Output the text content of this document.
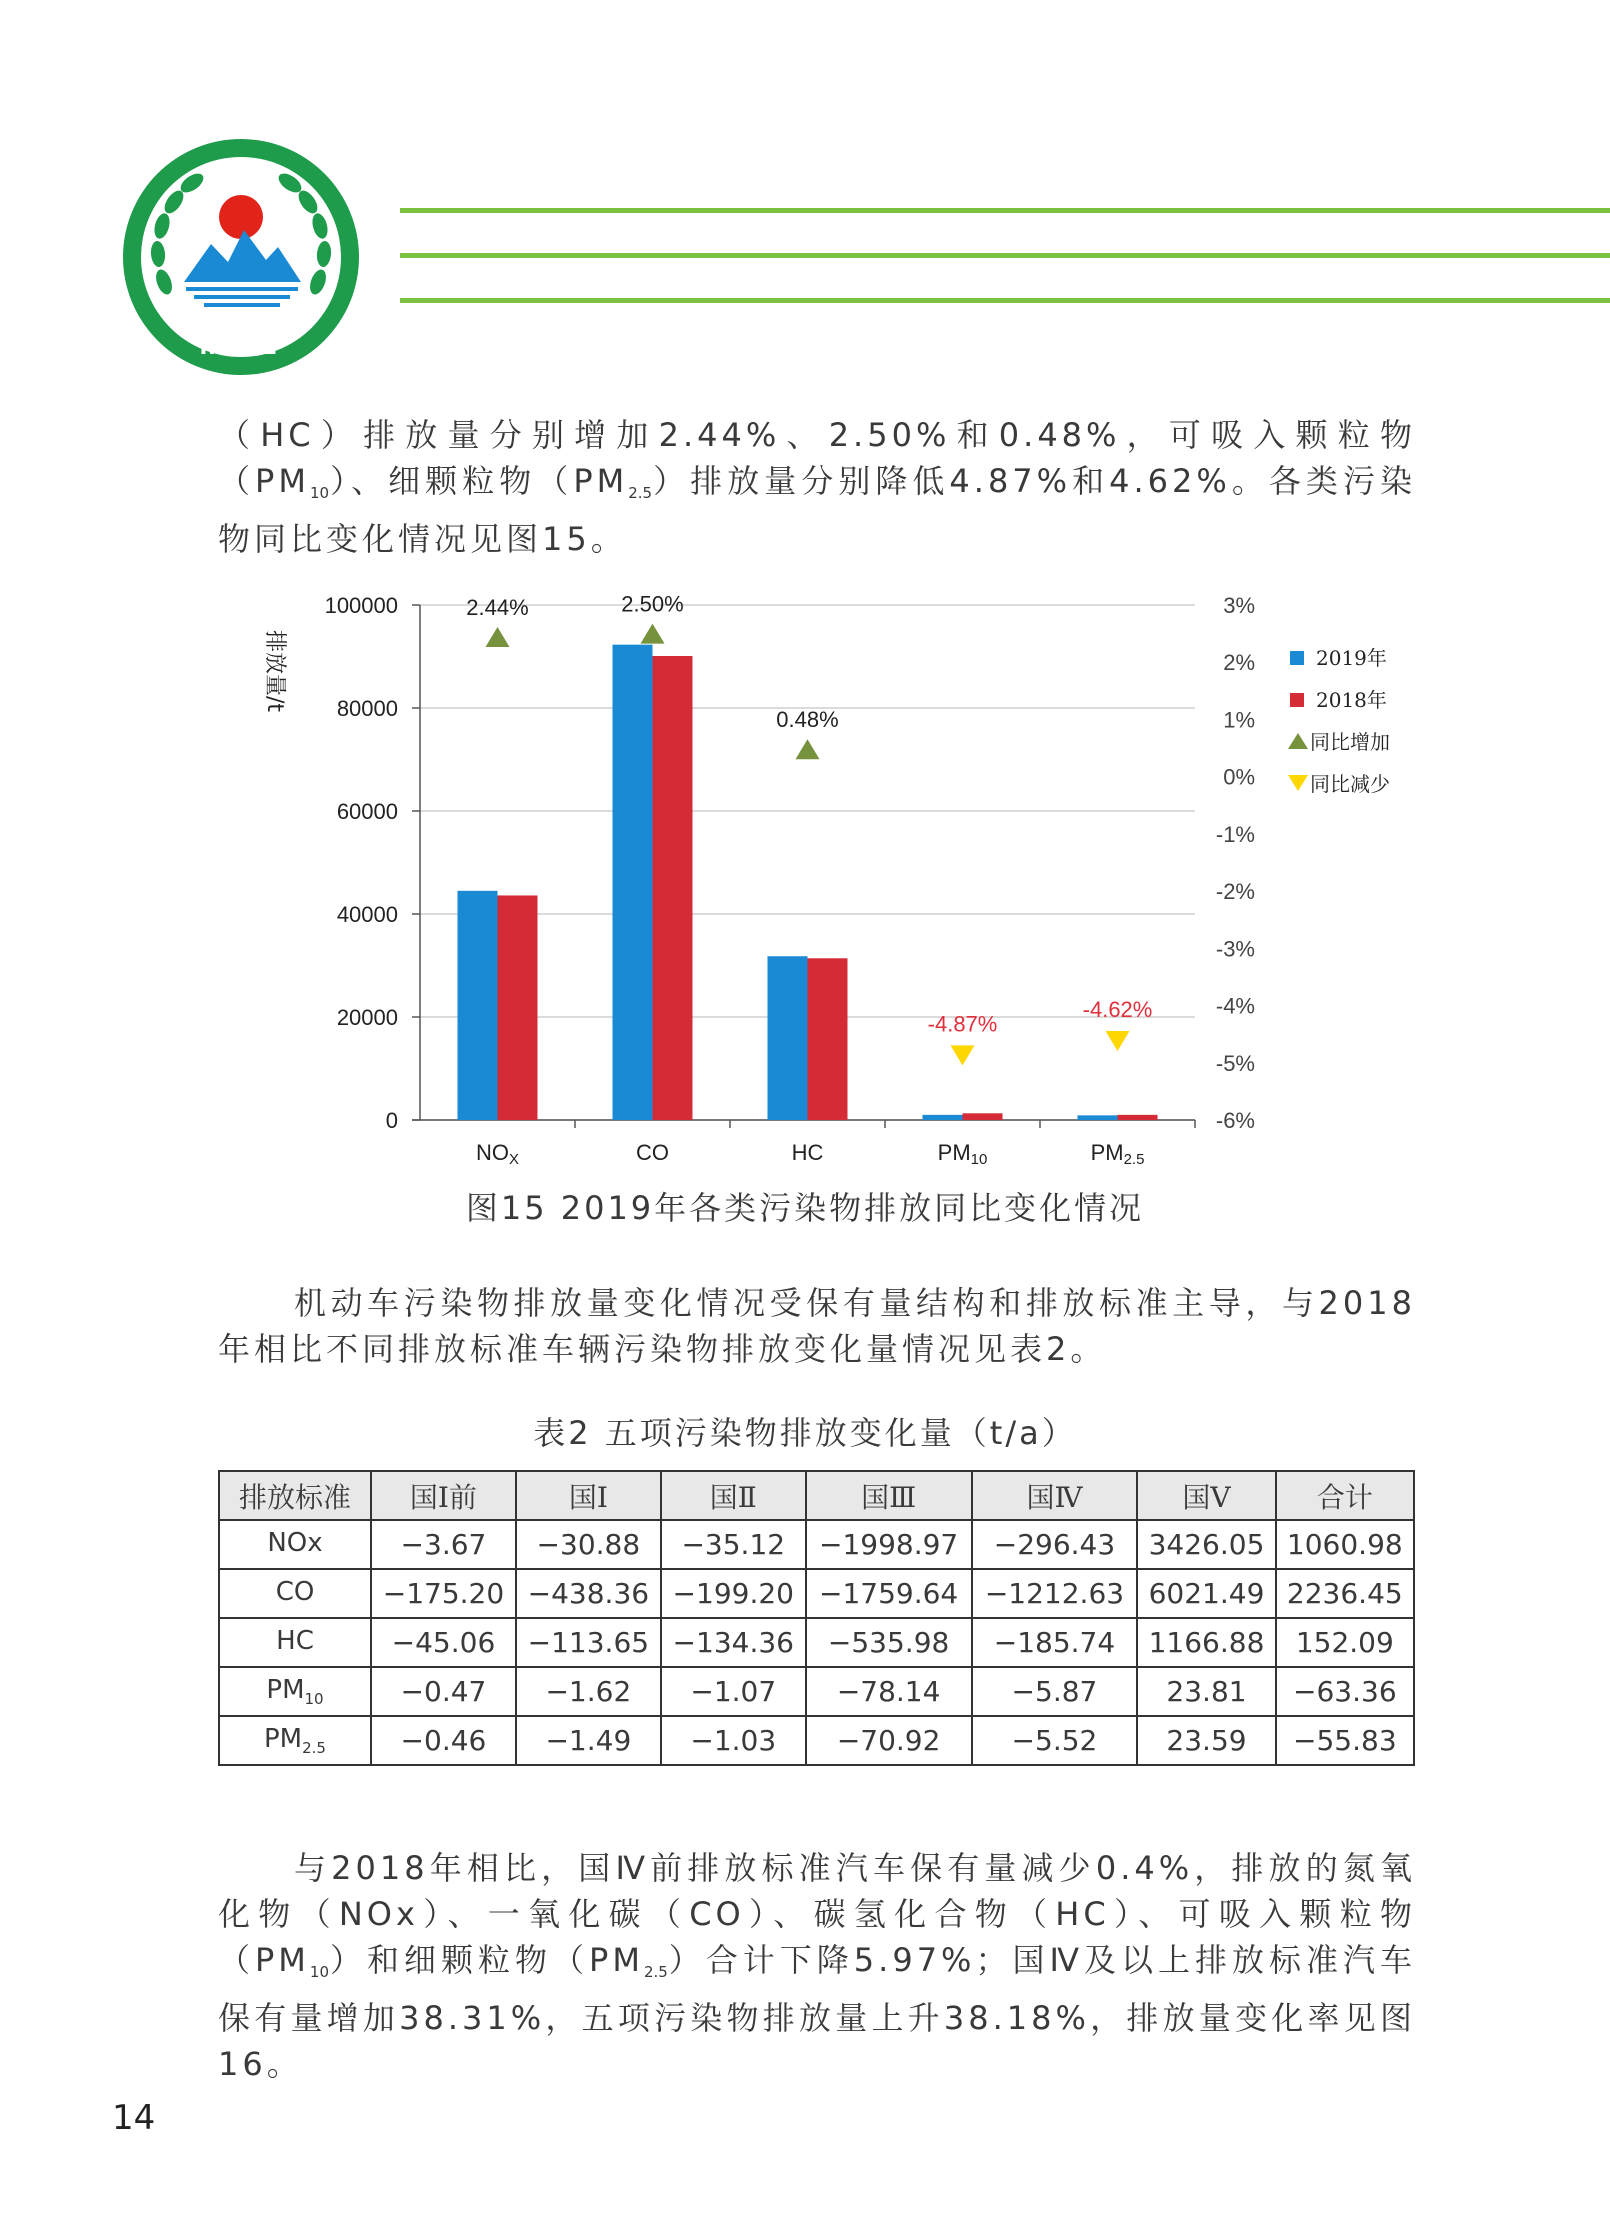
MEE

（HC）排放量分别增加2.44%、2.50%和0.48%，可吸入颗粒物$(PM_{10})$、细颗粒物$(PM_{2.5})$排放量分别降低4.87%和4.62%。各类污染物同比变化情况见图15。

0
20000
40000
60000
80000
100000
-6%
-5%
-4%
-3%
-2%
-1%
0%
1%
2%
3%
排放量/t
NOX
2.44%
CO
2.50%
HC
0.48%
PM10
-4.87%
PM2.5
-4.62%
2019年
2018年
同比增加
同比减少
图15 2019年各类污染物排放同比变化情况
机动车污染物排放量变化情况受保有量结构和排放标准主导，与2018年相比不同排放标准车辆污染物排放变化量情况见表2。
表2 五项污染物排放变化量（t/a）
排放标准	国Ⅰ前	国Ⅰ	国Ⅱ	国Ⅲ	国Ⅳ	国Ⅴ	合计
NOx	−3.67	−30.88	−35.12	−1998.97	−296.43	3426.05	1060.98
CO	−175.20	−438.36	−199.20	−1759.64	−1212.63	6021.49	2236.45
HC	−45.06	−113.65	−134.36	−535.98	−185.74	1166.88	152.09
$PM_{10}$	−0.47	−1.62	−1.07	−78.14	−5.87	23.81	−63.36
$PM_{2.5}$	−0.46	−1.49	−1.03	−70.92	−5.52	23.59	−55.83
与2018年相比，国Ⅳ前排放标准汽车保有量减少0.4%，排放的氮氧化物（NOx）、一氧化碳（CO）、碳氢化合物（HC）、可吸入颗粒物$(PM_{10})$和细颗粒物$(PM_{2.5})$合计下降5.97%；国Ⅳ及以上排放标准汽车保有量增加38.31%，五项污染物排放量上升38.18%，排放量变化率见图16。
14
